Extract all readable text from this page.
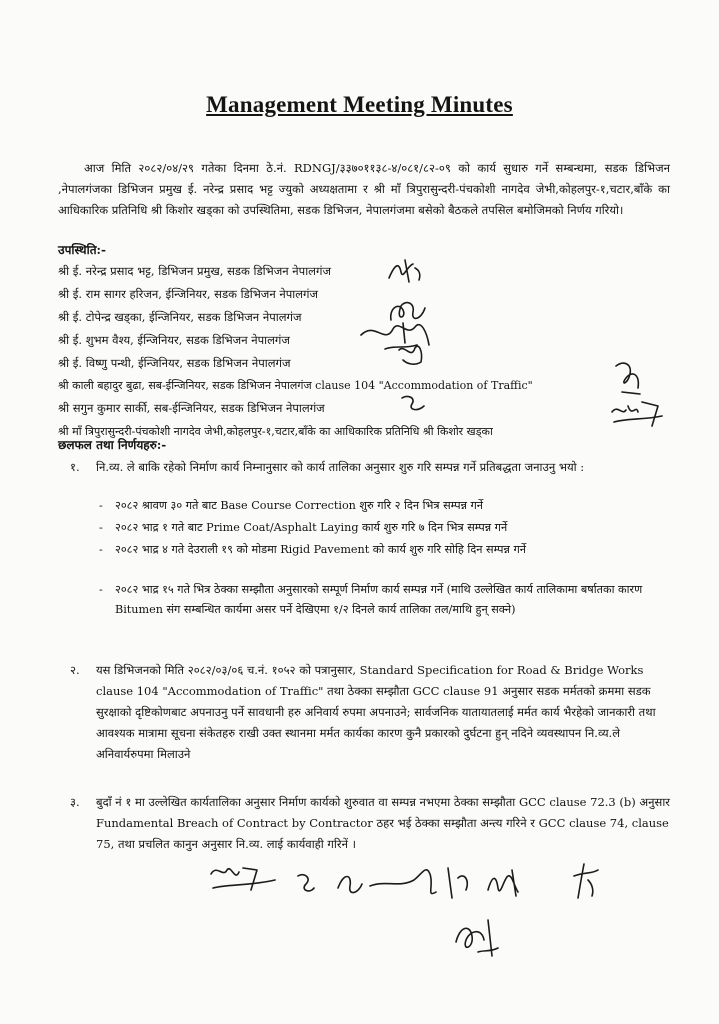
Management Meeting Minutes
आज मिति २०८२/०४/२९ गतेका दिनमा ठे.नं. RDNGJ/३३७०११३८-४/०८१/८२-०९ को कार्य सुधारु गर्ने सम्बन्धमा, सडक डिभिजन ,नेपालगंजका डिभिजन प्रमुख ई. नरेन्द्र प्रसाद भट्ट ज्युको अध्यक्षतामा र श्री माँ त्रिपुरासुन्दरी-पंचकोशी नागदेव जेभी,कोहलपुर-१,चटार,बाँके का आधिकारिक प्रतिनिधि श्री किशोर खड्का को उपस्थितिमा, सडक डिभिजन, नेपालगंजमा बसेको बैठकले तपसिल बमोजिमको निर्णय गरियो।
उपस्थिति:-
श्री ई. नरेन्द्र प्रसाद भट्ट, डिभिजन प्रमुख, सडक डिभिजन नेपालगंज
श्री ई. राम सागर हरिजन, ईन्जिनियर, सडक डिभिजन नेपालगंज
श्री ई. टोपेन्द्र खड्का, ईन्जिनियर, सडक डिभिजन नेपालगंज
श्री ई. शुभम वैश्य, ईन्जिनियर, सडक डिभिजन नेपालगंज
श्री ई. विष्णु पन्थी, ईन्जिनियर, सडक डिभिजन नेपालगंज
श्री काली बहादुर बुढा, सब-ईन्जिनियर, सडक डिभिजन नेपालगंज clause 104 "Accommodation of Traffic"
श्री सगुन कुमार सार्की, सब-ईन्जिनियर, सडक डिभिजन नेपालगंज
श्री माँ त्रिपुरासुन्दरी-पंचकोशी नागदेव जेभी,कोहलपुर-१,चटार,बाँके का आधिकारिक प्रतिनिधि श्री किशोर खड्का
छलफल तथा निर्णयहरु:-
१. नि.व्य. ले बाकि रहेको निर्माण कार्य निम्नानुसार को कार्य तालिका अनुसार शुरु गरि सम्पन्न गर्ने प्रतिबद्धता जनाउनु भयो :
- २०८२ श्रावण ३० गते बाट Base Course Correction शुरु गरि २ दिन भित्र सम्पन्न गर्ने
- २०८२ भाद्र १ गते बाट Prime Coat/Asphalt Laying कार्य शुरु गरि ७ दिन भित्र सम्पन्न गर्ने
- २०८२ भाद्र ४ गते देउराली १९ को मोडमा Rigid Pavement को कार्य शुरु गरि सोहि दिन सम्पन्न गर्ने
- २०८२ भाद्र १५ गते भित्र ठेक्का सम्झौता अनुसारको सम्पूर्ण निर्माण कार्य सम्पन्न गर्ने (माथि उल्लेखित कार्य तालिकामा बर्षातका कारण Bitumen संग सम्बन्धित कार्यमा असर पर्ने देखिएमा १/२ दिनले कार्य तालिका तल/माथि हुन् सक्ने)
२. यस डिभिजनको मिति २०८२/०३/०६ च.नं. १०५२ को पत्रानुसार, Standard Specification for Road & Bridge Works clause 104 "Accommodation of Traffic" तथा ठेक्का सम्झौता GCC clause 91 अनुसार सडक मर्मतको क्रममा सडक सुरक्षाको दृष्टिकोणबाट अपनाउनु पर्ने सावधानी हरु अनिवार्य रुपमा अपनाउने; सार्वजनिक यातायातलाई मर्मत कार्य भैरहेको जानकारी तथा आवश्यक मात्रामा सूचना संकेतहरु राखी उक्त स्थानमा मर्मत कार्यका कारण कुनै प्रकारको दुर्घटना हुन् नदिने व्यवस्थापन नि.व्य.ले अनिवार्यरुपमा मिलाउने
३. बुदाँ नं १ मा उल्लेखित कार्यतालिका अनुसार निर्माण कार्यको शुरुवात वा सम्पन्न नभएमा ठेक्का सम्झौता GCC clause 72.3 (b) अनुसार Fundamental Breach of Contract by Contractor ठहर भई ठेक्का सम्झौता अन्त्य गरिने र GCC clause 74, clause 75, तथा प्रचलित कानुन अनुसार नि.व्य. लाई कार्यवाही गरिनें ।
